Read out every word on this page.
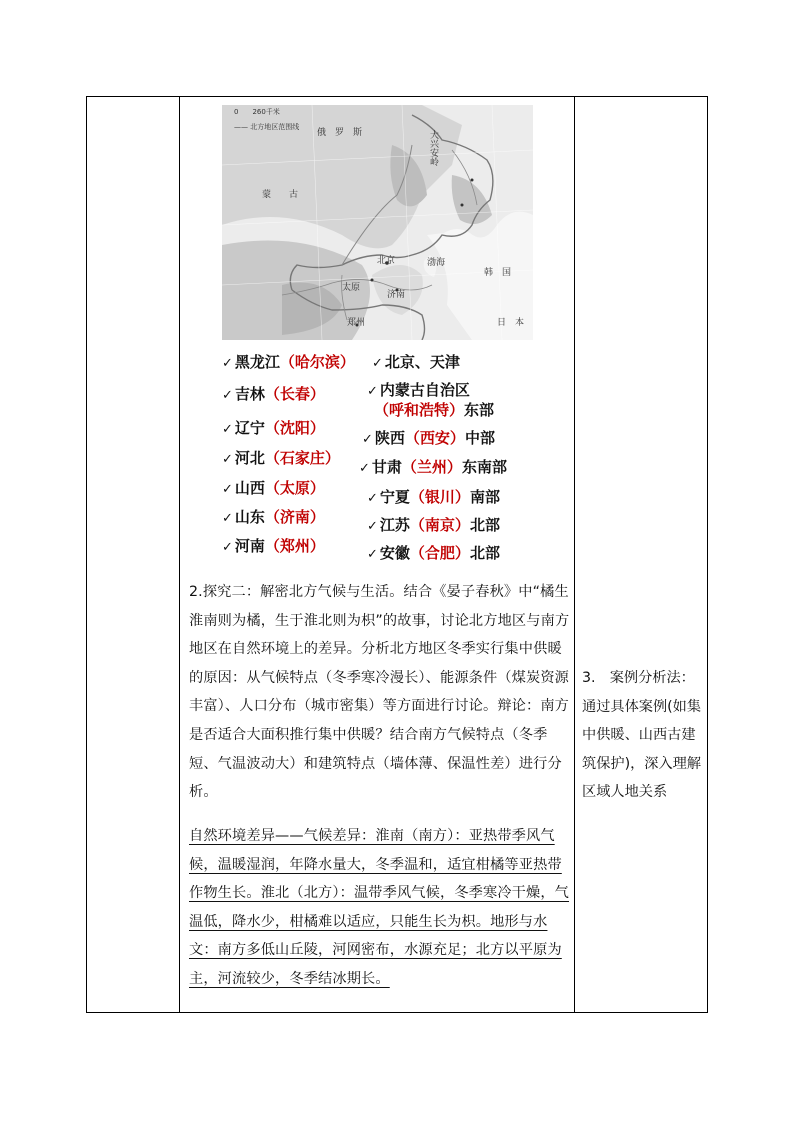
0　　260千米
—— 北方地区范围线
俄　罗　斯
蒙　　古
韩　国
日　本
渤海
北京
郑州
济南
太原
大兴安岭
✓ 黑龙江（哈尔滨）
✓ 吉林（长春）
✓ 辽宁（沈阳）
✓ 河北（石家庄）
✓ 山西（太原）
✓ 山东（济南）
✓ 河南（郑州）
✓ 北京、天津
✓ 内蒙古自治区
（呼和浩特）东部
✓ 陕西（西安）中部
✓ 甘肃（兰州）东南部
✓ 宁夏（银川）南部
✓ 江苏（南京）北部
✓ 安徽（合肥）北部
2.探究二：解密北方气候与生活。结合《晏子春秋》中“橘生淮南则为橘，生于淮北则为枳”的故事，讨论北方地区与南方地区在自然环境上的差异。分析北方地区冬季实行集中供暖的原因：从气候特点（冬季寒冷漫长）、能源条件（煤炭资源丰富）、人口分布（城市密集）等方面进行讨论。辩论：南方是否适合大面积推行集中供暖？结合南方气候特点（冬季短、气温波动大）和建筑特点（墙体薄、保温性差）进行分析。
自然环境差异——气候差异：淮南（南方）：亚热带季风气候，温暖湿润，年降水量大，冬季温和，适宜柑橘等亚热带作物生长。淮北（北方）：温带季风气候，冬季寒冷干燥，气温低，降水少，柑橘难以适应，只能生长为枳。地形与水文：南方多低山丘陵，河网密布，水源充足；北方以平原为主，河流较少，冬季结冰期长。
3.　案例分析法：通过具体案例(如集中供暖、山西古建筑保护)，深入理解区域人地关系
